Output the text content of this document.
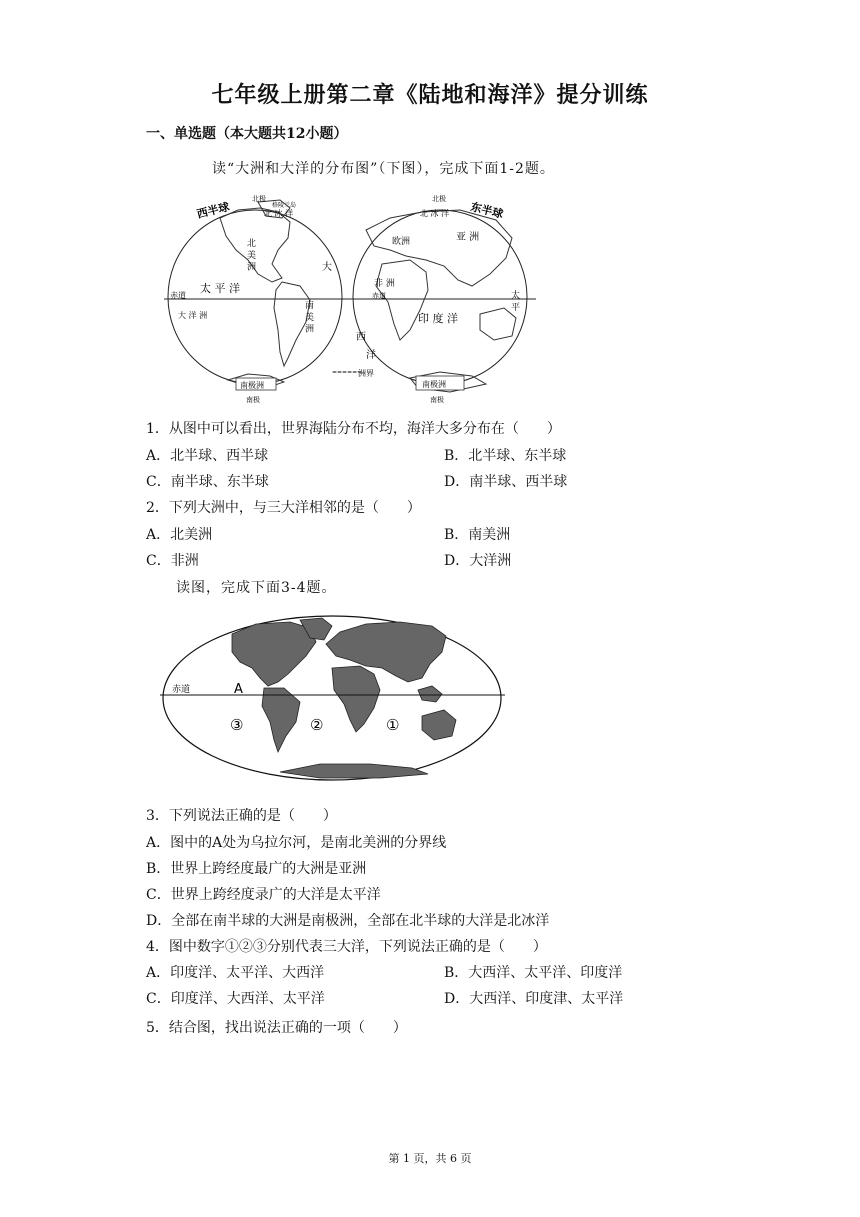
七年级上册第二章《陆地和海洋》提分训练
一、单选题（本大题共12小题）
读“大洲和大洋的分布图”（下图），完成下面1-2题。
西半球
北极
格陵兰岛
北 冰 洋
北 美 洲	大
太 平 洋
赤道
大 洋 洲	南 美 洲
南极洲
南极
东半球
北极
北 冰 洋
欧洲	亚 洲
非 洲
赤道
西
洋
印 度 洋
太 平
南极洲
南极
======
洲界
1．从图中可以看出，世界海陆分布不均，海洋大多分布在（　　）
A．北半球、西半球	B．北半球、东半球
C．南半球、东半球	D．南半球、西半球
2．下列大洲中，与三大洋相邻的是（　　）
A．北美洲	B．南美洲
C．非洲	D．大洋洲
读图，完成下面3-4题。
赤道	A
③	②	①
3．下列说法正确的是（　　）
A．图中的A处为乌拉尔河，是南北美洲的分界线
B．世界上跨经度最广的大洲是亚洲
C．世界上跨经度录广的大洋是太平洋
D．全部在南半球的大洲是南极洲，全部在北半球的大洋是北冰洋
4．图中数字①②③分别代表三大洋，下列说法正确的是（　　）
A．印度洋、太平洋、大西洋	B．大西洋、太平洋、印度洋
C．印度洋、大西洋、太平洋	D．大西洋、印度津、太平洋
5．结合图，找出说法正确的一项（　　）
第 1 页，共 6 页
